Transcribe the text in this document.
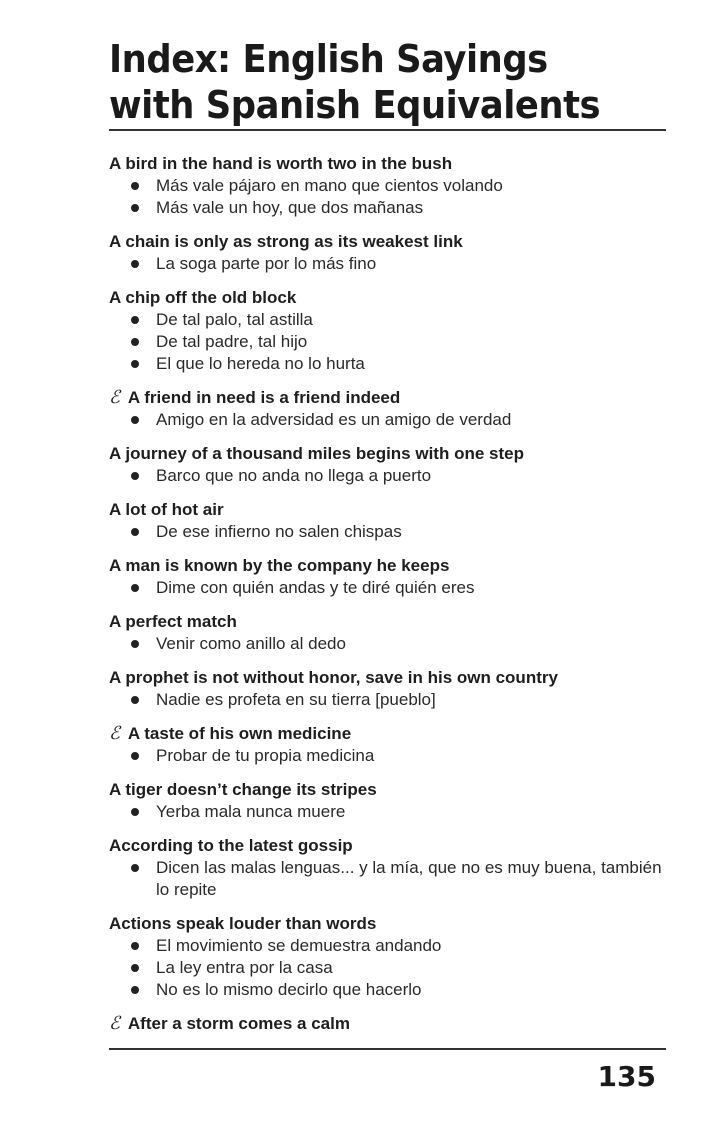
Index: English Sayings
with Spanish Equivalents
A bird in the hand is worth two in the bush
Más vale pájaro en mano que cientos volando
Más vale un hoy, que dos mañanas
A chain is only as strong as its weakest link
La soga parte por lo más fino
A chip off the old block
De tal palo, tal astilla
De tal padre, tal hijo
El que lo hereda no lo hurta
ℰ A friend in need is a friend indeed
Amigo en la adversidad es un amigo de verdad
A journey of a thousand miles begins with one step
Barco que no anda no llega a puerto
A lot of hot air
De ese infierno no salen chispas
A man is known by the company he keeps
Dime con quién andas y te diré quién eres
A perfect match
Venir como anillo al dedo
A prophet is not without honor, save in his own country
Nadie es profeta en su tierra [pueblo]
ℰ A taste of his own medicine
Probar de tu propia medicina
A tiger doesn’t change its stripes
Yerba mala nunca muere
According to the latest gossip
Dicen las malas lenguas... y la mía, que no es muy buena, también lo repite
Actions speak louder than words
El movimiento se demuestra andando
La ley entra por la casa
No es lo mismo decirlo que hacerlo
ℰ After a storm comes a calm
135
